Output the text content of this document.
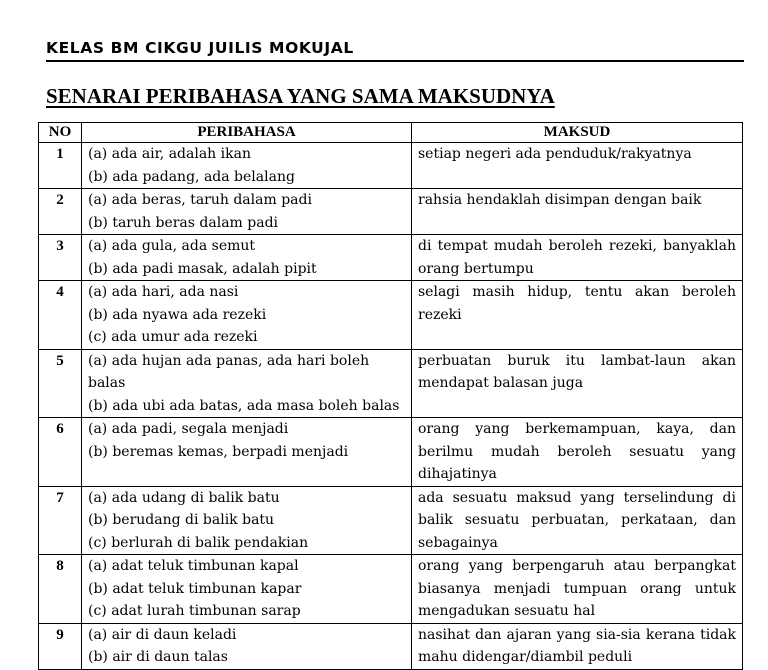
KELAS BM CIKGU JUILIS MOKUJAL
SENARAI PERIBAHASA YANG SAMA MAKSUDNYA
NO	PERIBAHASA	MAKSUD
1	(a) ada air, adalah ikan
(b) ada padang, ada belalang	setiap negeri ada penduduk/rakyatnya
2	(a) ada beras, taruh dalam padi
(b) taruh beras dalam padi	rahsia hendaklah disimpan dengan baik
3	(a) ada gula, ada semut
(b) ada padi masak, adalah pipit	di tempat mudah beroleh rezeki, banyaklah orang bertumpu
4	(a) ada hari, ada nasi
(b) ada nyawa ada rezeki
(c) ada umur ada rezeki	selagi masih hidup, tentu akan beroleh rezeki
5	(a) ada hujan ada panas, ada hari boleh
balas
(b) ada ubi ada batas, ada masa boleh balas	perbuatan buruk itu lambat-laun akan mendapat balasan juga
6	(a) ada padi, segala menjadi
(b) beremas kemas, berpadi menjadi	orang yang berkemampuan, kaya, dan berilmu mudah beroleh sesuatu yang dihajatinya
7	(a) ada udang di balik batu
(b) berudang di balik batu
(c) berlurah di balik pendakian	ada sesuatu maksud yang terselindung di balik sesuatu perbuatan, perkataan, dan sebagainya
8	(a) adat teluk timbunan kapal
(b) adat teluk timbunan kapar
(c) adat lurah timbunan sarap	orang yang berpengaruh atau berpangkat biasanya menjadi tumpuan orang untuk mengadukan sesuatu hal
9	(a) air di daun keladi
(b) air di daun talas	nasihat dan ajaran yang sia-sia kerana tidak mahu didengar/diambil peduli
